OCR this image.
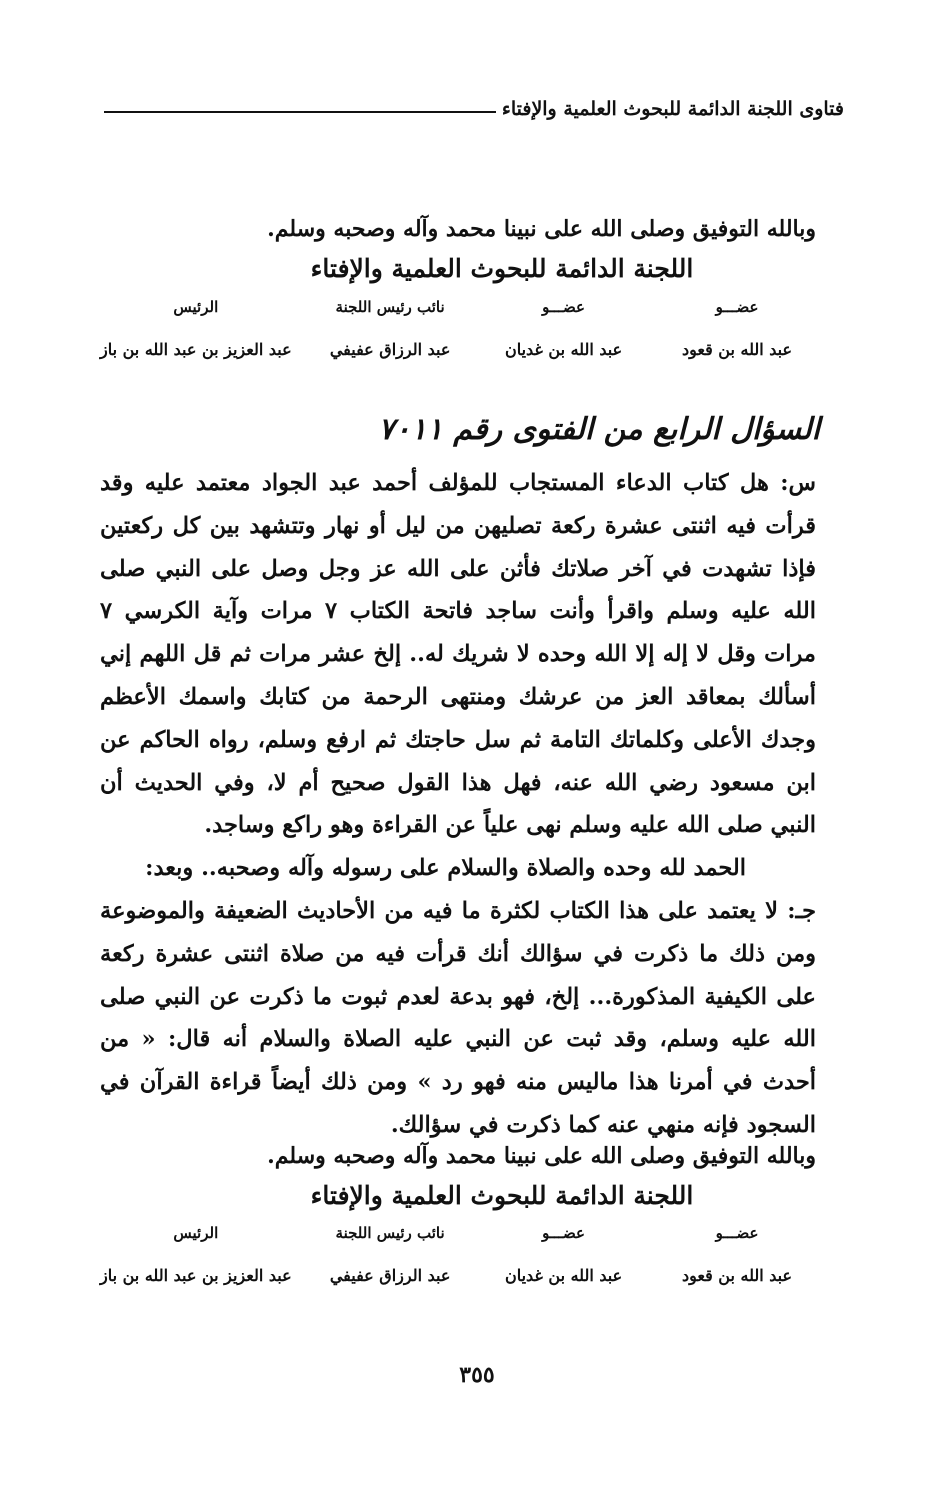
فتاوى اللجنة الدائمة للبحوث العلمية والإفتاء
وبالله التوفيق وصلى الله على نبينا محمد وآله وصحبه وسلم.
اللجنة الدائمة للبحوث العلمية والإفتاء
عضـــو
عبد الله بن قعود
عضـــو
عبد الله بن غديان
نائب رئيس اللجنة
عبد الرزاق عفيفي
الرئيس
عبد العزيز بن عبد الله بن باز
السؤال الرابع من الفتوى رقم ٧٠١١

س: هل كتاب الدعاء المستجاب للمؤلف أحمد عبد الجواد معتمد عليه وقد قرأت فيه اثنتى عشرة ركعة تصليهن من ليل أو نهار وتتشهد بين كل ركعتين فإذا تشهدت في آخر صلاتك فأثن على الله عز وجل وصل على النبي صلى الله عليه وسلم واقرأ وأنت ساجد فاتحة الكتاب ٧ مرات وآية الكرسي ٧ مرات وقل لا إله إلا الله وحده لا شريك له.. إلخ عشر مرات ثم قل اللهم إني أسألك بمعاقد العز من عرشك ومنتهى الرحمة من كتابك واسمك الأعظم وجدك الأعلى وكلماتك التامة ثم سل حاجتك ثم ارفع وسلم، رواه الحاكم عن ابن مسعود رضي الله عنه، فهل هذا القول صحيح أم لا، وفي الحديث أن النبي صلى الله عليه وسلم نهى علياً عن القراءة وهو راكع وساجد.

الحمد لله وحده والصلاة والسلام على رسوله وآله وصحبه.. وبعد:

جـ: لا يعتمد على هذا الكتاب لكثرة ما فيه من الأحاديث الضعيفة والموضوعة ومن ذلك ما ذكرت في سؤالك أنك قرأت فيه من صلاة اثنتى عشرة ركعة على الكيفية المذكورة... إلخ، فهو بدعة لعدم ثبوت ما ذكرت عن النبي صلى الله عليه وسلم، وقد ثبت عن النبي عليه الصلاة والسلام أنه قال: « من أحدث في أمرنا هذا ماليس منه فهو رد » ومن ذلك أيضاً قراءة القرآن في السجود فإنه منهي عنه كما ذكرت في سؤالك.

وبالله التوفيق وصلى الله على نبينا محمد وآله وصحبه وسلم.
اللجنة الدائمة للبحوث العلمية والإفتاء
عضـــو
عبد الله بن قعود
عضـــو
عبد الله بن غديان
نائب رئيس اللجنة
عبد الرزاق عفيفي
الرئيس
عبد العزيز بن عبد الله بن باز
٣٥٥
